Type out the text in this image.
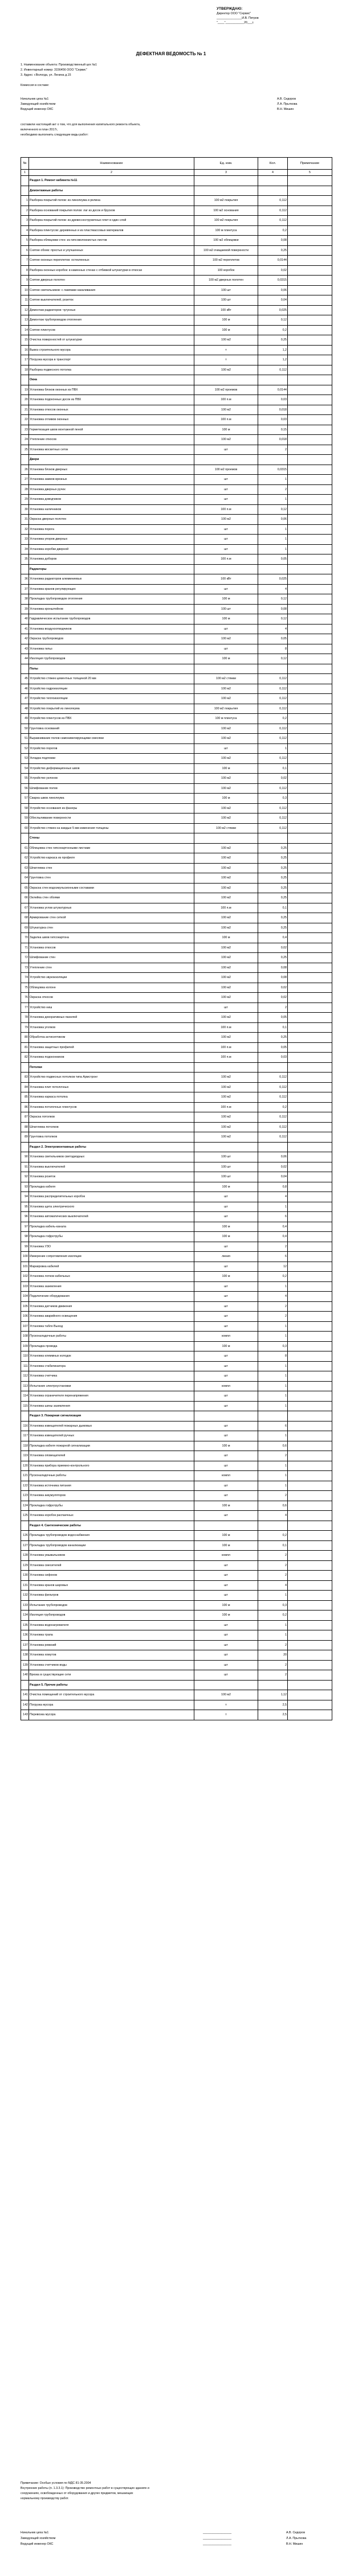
УТВЕРЖДАЮ:
Директор ООО "Сервис"
_______________И.В. Петров
"____"___________20___г.
ДЕФЕКТНАЯ ВЕДОМОСТЬ № 1
1. Наименование объекта: Производственный цех №1
2. Инвентарный номер: 3156456 ООО "Сервис"
3. Адрес: г.Вологда, ул. Ленина д.15
Комиссия в составе:
Начальник цеха №1	А.В. Сидоров
Заведующий хозяйством	Л.А. Прыткова
Ведущий инженер ОКС	В.Н. Мишин
составили настоящий акт о том, что для выполнения капитального ремонта объекта,
включенного в план 2017г,
необходимо выполнить следующие виды работ:
№	Наименование	Ед. изм.	Кол.	Примечание
1	2	3	4	5
	Раздел 1. Ремонт кабинета №11			
	Демонтажные работы			
1	Разборка покрытий полов: из линолеума и релина	100 м2 покрытия	0,112	
2	Разборка оснований покрытия полов: лаг из досок и брусков	100 м2 основания	0,112	
3	Разборка покрытий полов: из древесностружечных плит в один слой	100 м2 покрытия	0,112	
4	Разборка плинтусов: деревянных и из пластмассовых материалов	100 м плинтуса	0,2	
5	Разборка облицовки стен: из гипсоволокнистых листов	100 м2 облицовки	0,08	
6	Снятие обоев: простых и улучшенных	100 м2 очищаемой поверхности	0,25	
7	Снятие оконных переплетов: остекленных	100 м2 переплетов	0,0144	
8	Разборка оконных коробок: в каменных стенах с отбивкой штукатурки в откосах	100 коробок	0,02	
9	Снятие дверных полотен	100 м2 дверных полотен	0,0315	
10	Снятие светильников: с лампами накаливания	100 шт	0,06	
11	Снятие выключателей, розеток	100 шт	0,04	
12	Демонтаж радиаторов: чугунных	100 кВт	0,025	
13	Демонтаж трубопроводов отопления	100 м	0,12	
14	Снятие плинтусов	100 м	0,2	
15	Очистка поверхностей от штукатурки	100 м2	0,25	
16	Вывоз строительного мусора	т	1,2	
17	Погрузка мусора в транспорт	т	1,2	
18	Разборка подвесного потолка	100 м2	0,112	
	Окна			
19	Установка блоков оконных из ПВХ	100 м2 проемов	0,0144	
20	Установка подоконных досок из ПВХ	100 п.м	0,03	
21	Установка откосов оконных	100 м2	0,018	
22	Установка отливов оконных	100 п.м	0,03	
23	Герметизация швов монтажной пеной	100 м	0,15	
24	Утепление откосов	100 м2	0,018	
25	Установка москитных сеток	шт	2	
	Двери			
26	Установка блоков дверных	100 м2 проемов	0,0315	
27	Установка замков врезных	шт	1	
28	Установка дверных ручек	шт	2	
29	Установка доводчиков	шт	1	
30	Установка наличников	100 п.м	0,12	
31	Окраска дверных полотен	100 м2	0,06	
32	Установка порога	шт	1	
33	Установка упоров дверных	шт	1	
34	Установка коробки дверной	шт	1	
35	Установка доборов	100 п.м	0,05	
	Радиаторы			
36	Установка радиаторов алюминиевых	100 кВт	0,025	
37	Установка кранов регулирующих	шт	4	
38	Прокладка трубопроводов отопления	100 м	0,12	
39	Установка кронштейнов	100 шт	0,08	
40	Гидравлическое испытание трубопроводов	100 м	0,12	
41	Установка воздухоотводчиков	шт	4	
42	Окраска трубопроводов	100 м2	0,05	
43	Установка гильз	шт	8	
44	Изоляция трубопроводов	100 м	0,12	
	Полы			
45	Устройство стяжек цементных толщиной 20 мм	100 м2 стяжки	0,112	
46	Устройство гидроизоляции	100 м2	0,112	
47	Устройство теплоизоляции	100 м2	0,112	
48	Устройство покрытий из линолеума	100 м2 покрытия	0,112	
49	Устройство плинтусов из ПВХ	100 м плинтуса	0,2	
50	Грунтовка оснований	100 м2	0,112	
51	Выравнивание полов самонивелирующими смесями	100 м2	0,112	
52	Устройство порогов	шт	1	
53	Укладка подложки	100 м2	0,112	
54	Устройство деформационных швов	100 м	0,1	
55	Устройство уклонов	100 м2	0,02	
56	Шлифование полов	100 м2	0,112	
57	Сварка швов линолеума	100 м	0,3	
58	Устройство основания из фанеры	100 м2	0,112	
59	Обеспыливание поверхности	100 м2	0,112	
60	Устройство стяжек на каждые 5 мм изменения толщины	100 м2 стяжки	0,112	
	Стены			
61	Облицовка стен гипсокартонными листами	100 м2	0,25	
62	Устройство каркаса из профиля	100 м2	0,25	
63	Шпатлевка стен	100 м2	0,25	
64	Грунтовка стен	100 м2	0,25	
65	Окраска стен водоэмульсионными составами	100 м2	0,25	
66	Оклейка стен обоями	100 м2	0,25	
67	Установка углов штукатурных	100 п.м	0,1	
68	Армирование стен сеткой	100 м2	0,25	
69	Штукатурка стен	100 м2	0,25	
70	Заделка швов гипсокартона	100 м	0,4	
71	Установка откосов	100 м2	0,02	
72	Шлифование стен	100 м2	0,25	
73	Утепление стен	100 м2	0,08	
74	Устройство звукоизоляции	100 м2	0,08	
75	Облицовка колонн	100 м2	0,02	
76	Окраска откосов	100 м2	0,02	
77	Устройство ниш	шт	2	
78	Установка декоративных панелей	100 м2	0,05	
79	Установка уголков	100 п.м	0,1	
80	Обработка антисептиком	100 м2	0,25	
81	Установка защитных профилей	100 п.м	0,05	
82	Установка подоконников	100 п.м	0,03	
	Потолки			
83	Устройство подвесных потолков типа Армстронг	100 м2	0,112	
84	Установка плит потолочных	100 м2	0,112	
85	Установка каркаса потолка	100 м2	0,112	
86	Установка потолочных плинтусов	100 п.м	0,2	
87	Окраска потолков	100 м2	0,112	
88	Шпатлевка потолков	100 м2	0,112	
89	Грунтовка потолков	100 м2	0,112	
	Раздел 2. Электромонтажные работы			
90	Установка светильников светодиодных	100 шт	0,06	
91	Установка выключателей	100 шт	0,02	
92	Установка розеток	100 шт	0,04	
93	Прокладка кабеля	100 м	0,8	
94	Установка распределительных коробок	шт	4	
95	Установка щита электрического	шт	1	
96	Установка автоматических выключателей	шт	6	
97	Прокладка кабель-канала	100 м	0,4	
98	Прокладка гофротрубы	100 м	0,4	
99	Установка УЗО	шт	2	
100	Измерение сопротивления изоляции	линия	6	
101	Маркировка кабелей	шт	12	
102	Установка лотков кабельных	100 м	0,2	
103	Установка заземления	шт	1	
104	Подключение оборудования	шт	4	
105	Установка датчиков движения	шт	2	
106	Установка аварийного освещения	шт	2	
107	Установка табло Выход	шт	1	
108	Пусконаладочные работы	компл	1	
109	Прокладка провода	100 м	0,3	
110	Установка клеммных колодок	шт	8	
111	Установка стабилизатора	шт	1	
112	Установка счетчика	шт	1	
113	Испытание электроустановки	компл	1	
114	Установка ограничителя перенапряжения	шт	1	
115	Установка шины заземления	шт	1	
	Раздел 3. Пожарная сигнализация			
116	Установка извещателей пожарных дымовых	шт	6	
117	Установка извещателей ручных	шт	1	
118	Прокладка кабеля пожарной сигнализации	100 м	0,6	
119	Установка оповещателей	шт	2	
120	Установка прибора приемно-контрольного	шт	1	
121	Пусконаладочные работы	компл	1	
122	Установка источника питания	шт	1	
123	Установка аккумуляторов	шт	2	
124	Прокладка гофротрубы	100 м	0,6	
125	Установка коробок распаечных	шт	4	
	Раздел 4. Сантехнические работы			
126	Прокладка трубопроводов водоснабжения	100 м	0,2	
127	Прокладка трубопроводов канализации	100 м	0,1	
128	Установка умывальников	компл	2	
129	Установка смесителей	шт	2	
130	Установка сифонов	шт	2	
131	Установка кранов шаровых	шт	4	
132	Установка фильтров	шт	1	
133	Испытание трубопроводов	100 м	0,3	
134	Изоляция трубопроводов	100 м	0,2	
135	Установка водонагревателя	шт	1	
136	Установка трапа	шт	1	
137	Установка ревизий	шт	2	
138	Установка хомутов	шт	20	
139	Установка счетчиков воды	шт	2	
140	Врезка в существующие сети	шт	2	
	Раздел 5. Прочие работы			
141	Очистка помещений от строительного мусора	100 м2	1,12	
142	Погрузка мусора	т	2,5	
143	Перевозка мусора	т	2,5	
Примечание: Особые условия по МДС 81-35.2004
Внутренние работы (п. 1.3.3.1): Производство ремонтных работ в существующих зданиях и
сооружениях, освобожденных от оборудования и других предметов, мешающих
нормальному производству работ.
Начальник цеха №1	_________________	А.В. Сидоров
Заведующий хозяйством	_________________	Л.А. Прыткова
Ведущий инженер ОКС	_________________	В.Н. Мишин
